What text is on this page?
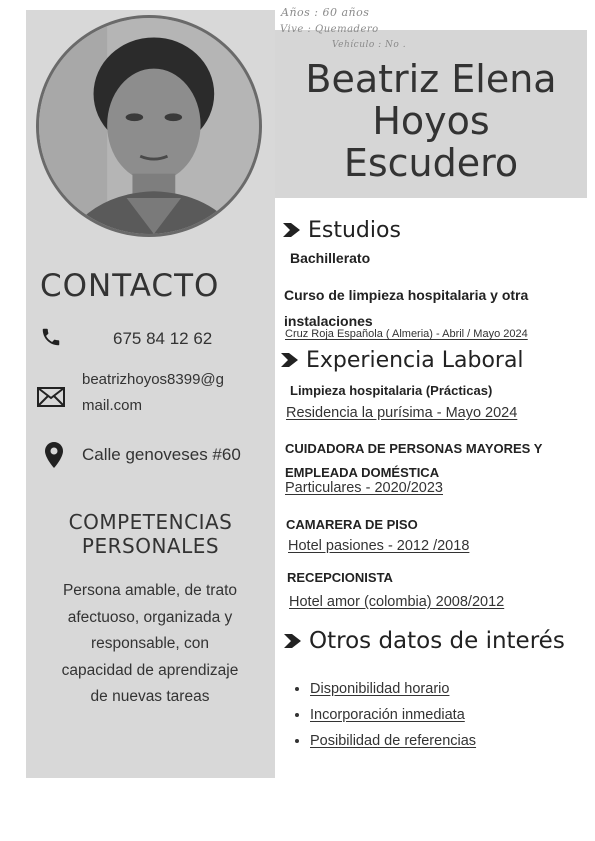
Años : 60 años
Vive : Quemadero
Vehículo : No .
Beatriz Elena
Hoyos
Escudero
CONTACTO
675 84 12 62
beatrizhoyos8399@g
mail.com
Calle genoveses #60
COMPETENCIAS
PERSONALES
Persona amable, de trato
afectuoso, organizada y
responsable, con
capacidad de aprendizaje
de nuevas tareas
Estudios
Bachillerato
Curso de limpieza hospitalaria y otra
instalaciones
Cruz Roja Española ( Almeria) - Abril / Mayo 2024
Experiencia Laboral
Limpieza hospitalaria (Prácticas)
Residencia la purísima - Mayo 2024
CUIDADORA DE PERSONAS MAYORES Y
EMPLEADA DOMÉSTICA
Particulares - 2020/2023
CAMARERA DE PISO
Hotel pasiones - 2012 /2018
RECEPCIONISTA
Hotel amor (colombia) 2008/2012
Otros datos de interés
• Disponibilidad horario
• Incorporación inmediata
• Posibilidad de referencias
